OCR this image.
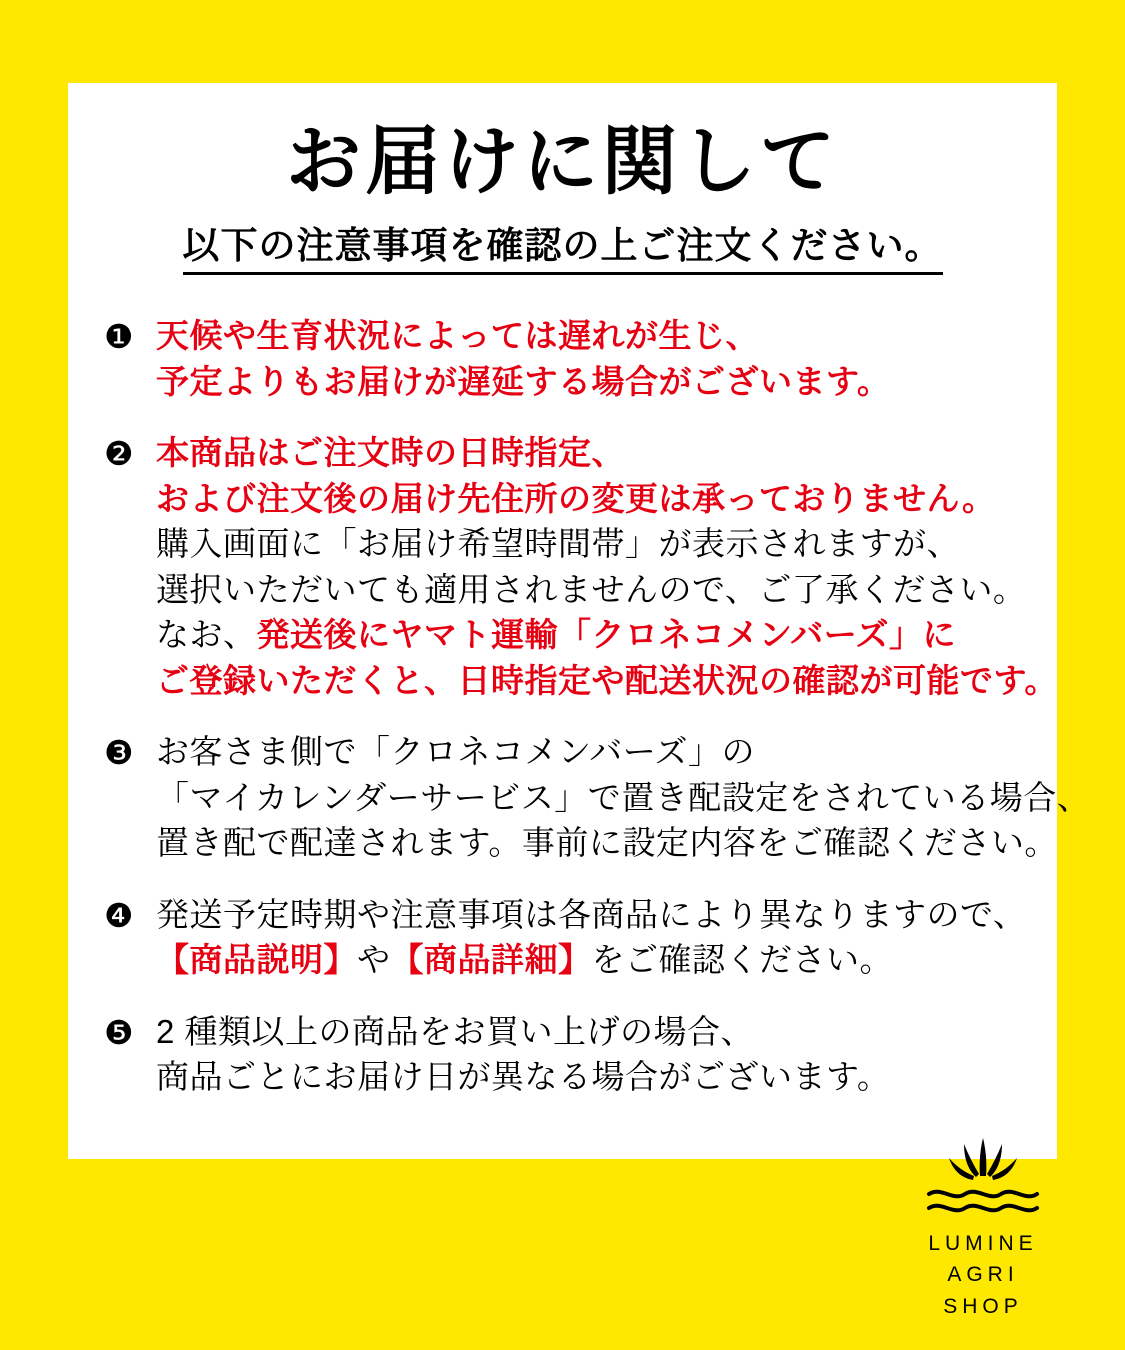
お届けに関して
以下の注意事項を確認の上ご注文ください。
❶ 天候や生育状況によっては遅れが生じ、
予定よりもお届けが遅延する場合がございます。
❷ 本商品はご注文時の日時指定、
および注文後の届け先住所の変更は承っておりません。
購入画面に「お届け希望時間帯」が表示されますが、
選択いただいても適用されませんので、ご了承ください。
なお、発送後にヤマト運輸「クロネコメンバーズ」に
ご登録いただくと、日時指定や配送状況の確認が可能です。
❸ お客さま側で「クロネコメンバーズ」の
「マイカレンダーサービス」で置き配設定をされている場合、
置き配で配達されます。事前に設定内容をご確認ください。
❹ 発送予定時期や注意事項は各商品により異なりますので、
【商品説明】や【商品詳細】をご確認ください。
❺ 2 種類以上の商品をお買い上げの場合、
商品ごとにお届け日が異なる場合がございます。
LUMINE
AGRI
SHOP
